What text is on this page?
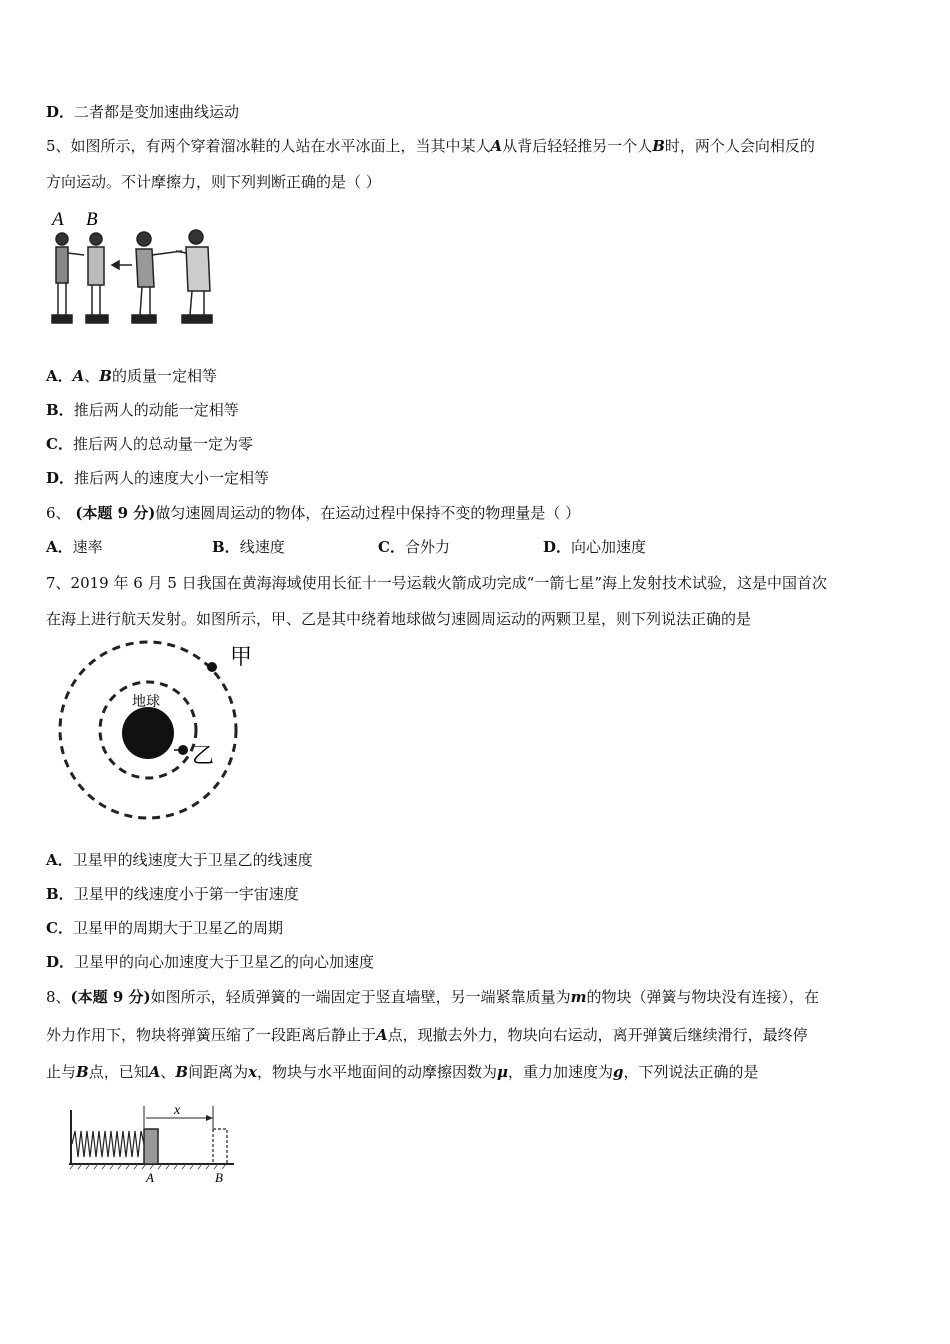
D．二者都是变加速曲线运动
5、如图所示，有两个穿着溜冰鞋的人站在水平冰面上，当其中某人A从背后轻轻推另一个人B时，两个人会向相反的
方向运动。不计摩擦力，则下列判断正确的是（ ）
A B
A．A、B的质量一定相等
B．推后两人的动能一定相等
C．推后两人的总动量一定为零
D．推后两人的速度大小一定相等
6、 (本题 9 分)做匀速圆周运动的物体，在运动过程中保持不变的物理量是（ ）
A．速率	B．线速度	C．合外力	D．向心加速度
7、2019 年 6 月 5 日我国在黄海海域使用长征十一号运载火箭成功完成“一箭七星”海上发射技术试验，这是中国首次
在海上进行航天发射。如图所示，甲、乙是其中绕着地球做匀速圆周运动的两颗卫星，则下列说法正确的是
地球
甲
乙
A．卫星甲的线速度大于卫星乙的线速度
B．卫星甲的线速度小于第一宇宙速度
C．卫星甲的周期大于卫星乙的周期
D．卫星甲的向心加速度大于卫星乙的向心加速度
8、(本题 9 分)如图所示，轻质弹簧的一端固定于竖直墙壁，另一端紧靠质量为m的物块（弹簧与物块没有连接），在
外力作用下，物块将弹簧压缩了一段距离后静止于A点，现撤去外力，物块向右运动，离开弹簧后继续滑行，最终停
止与B点，已知A、B间距离为x，物块与水平地面间的动摩擦因数为μ，重力加速度为g，下列说法正确的是
x
A	B
